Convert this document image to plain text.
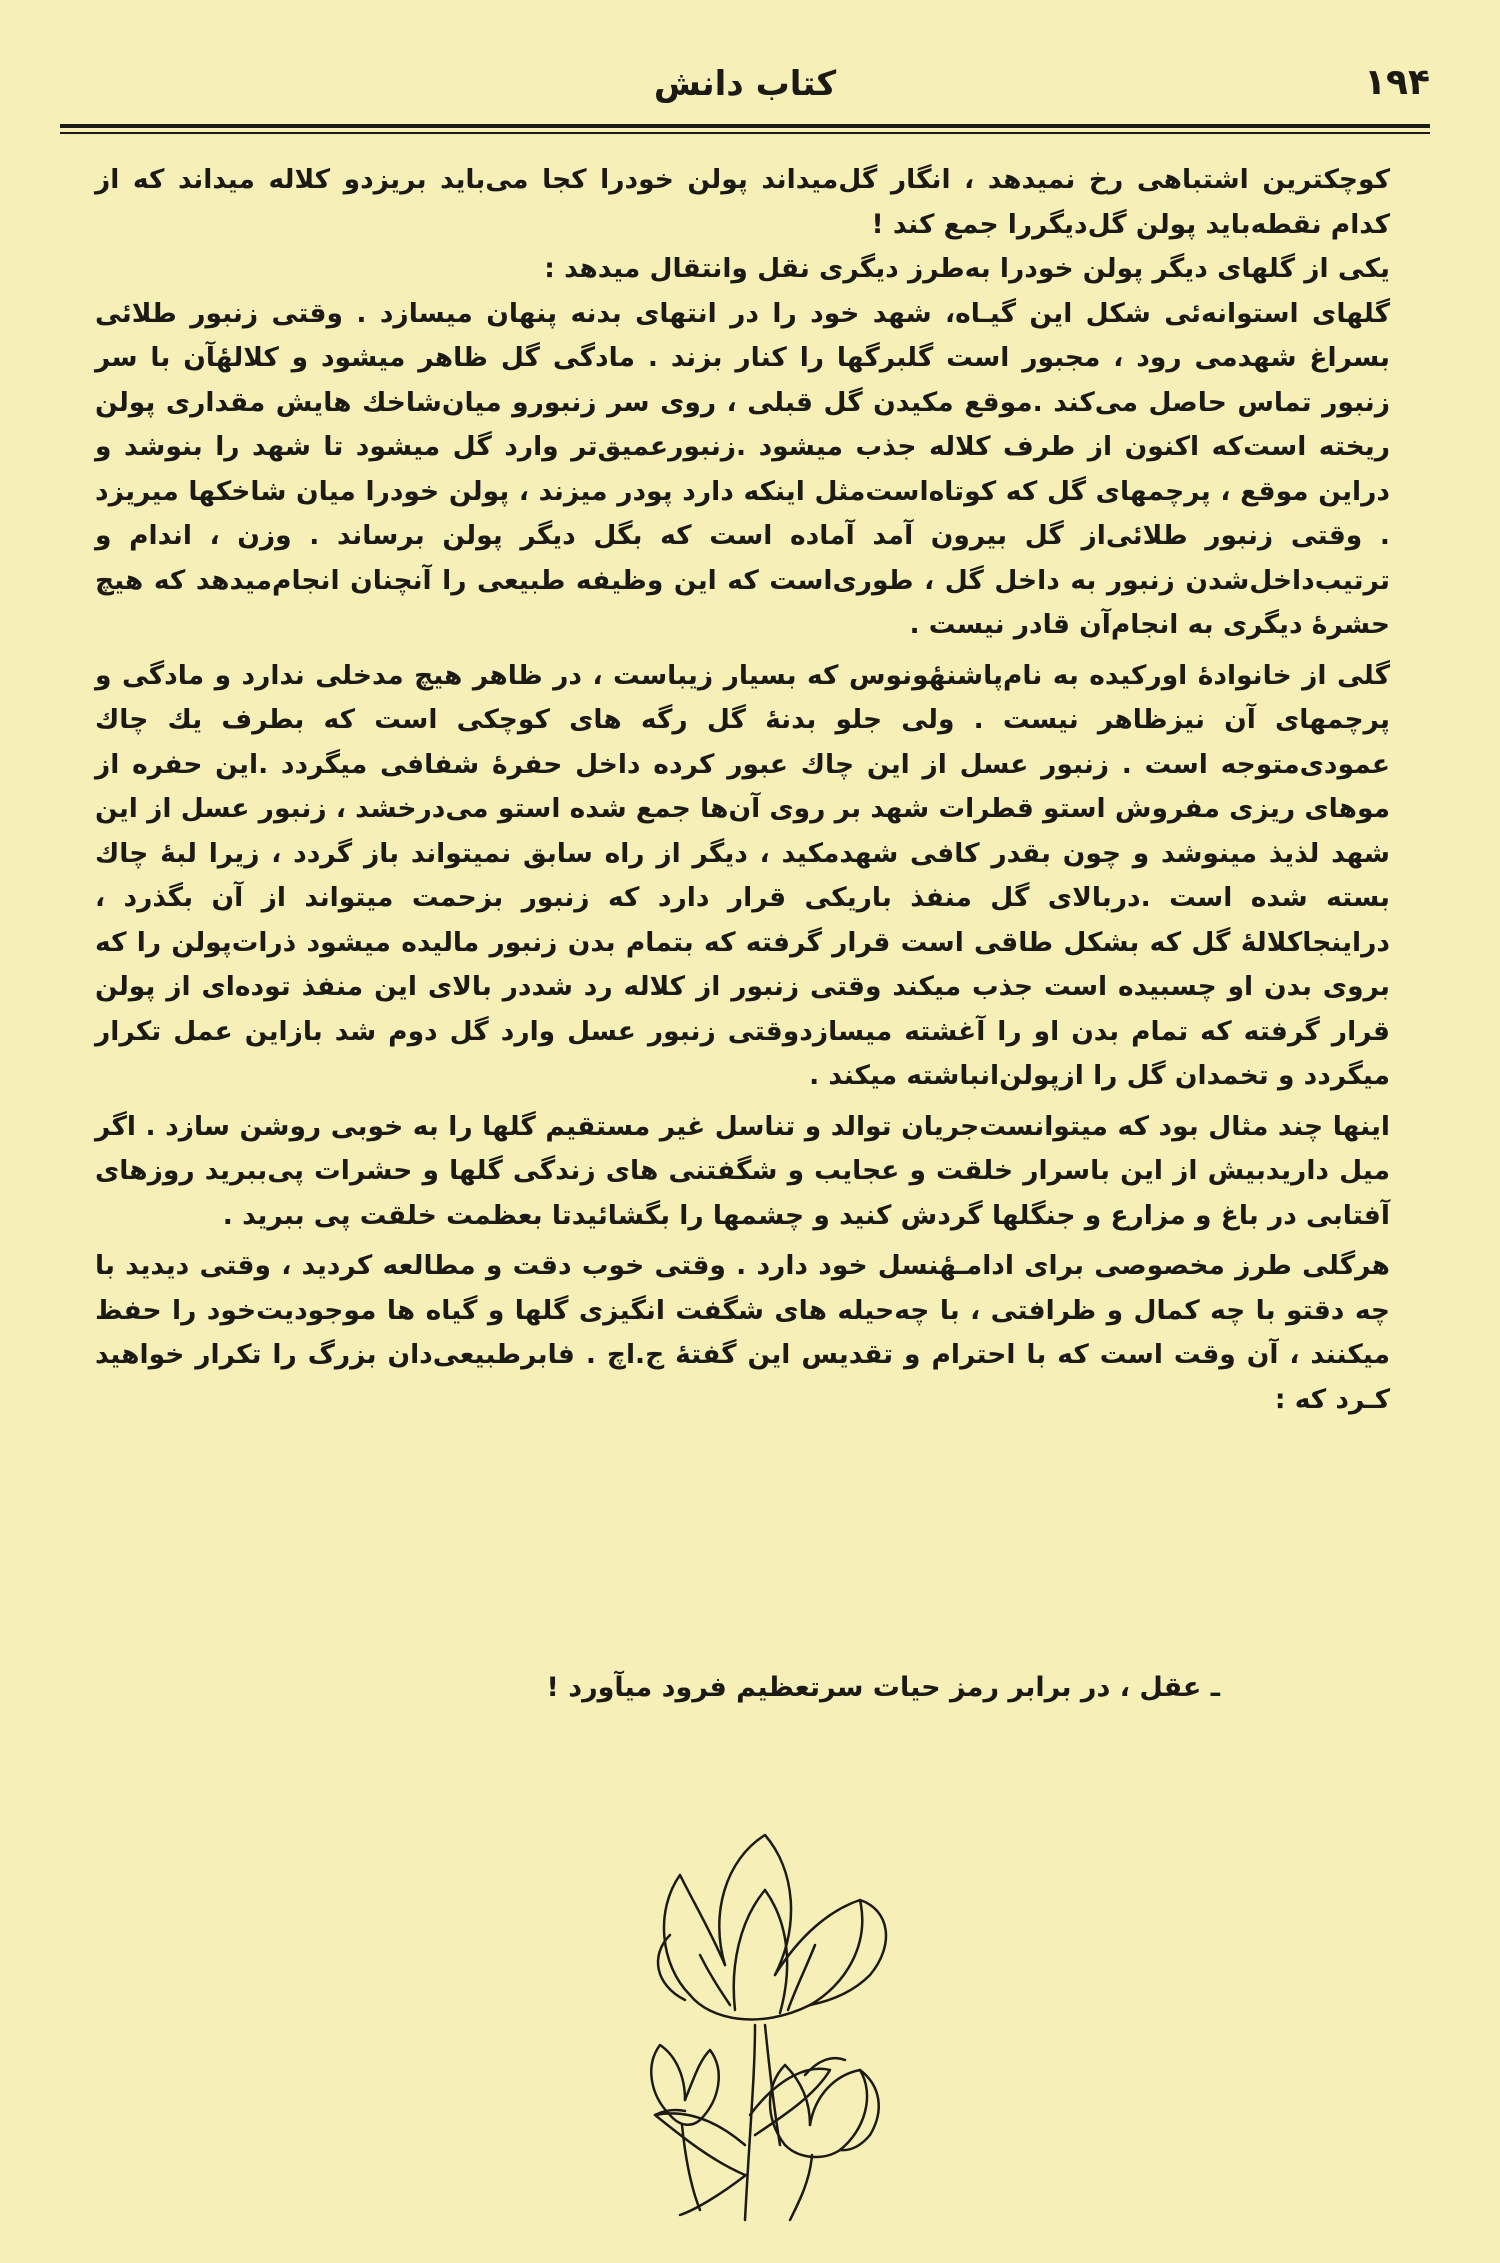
کتاب دانش	۱۹۴

کوچکترین اشتباهی رخ نمیدهد ، انگار گل‌میداند پولن خودرا کجا می‌باید بریزدو کلاله میداند که از کدام نقطه‌باید پولن گل‌دیگررا جمع کند !

یکی از گلهای دیگر پولن خودرا به‌طرز دیگری نقل وانتقال میدهد :

گلهای استوانه‌ئی شکل این گیـاه، شهد خود را در انتهای بدنه پنهان میسازد . وقتی زنبور طلائی بسراغ شهدمی رود ، مجبور است گلبرگها را کنار بزند . مادگی گل ظاهر میشود و کلالهٔآن با سر زنبور تماس حاصل می‌کند .موقع مکیدن گل قبلی ، روی سر زنبورو میان‌شاخك هایش مقداری پولن ریخته است‌که اکنون از طرف کلاله جذب میشود .زنبورعمیق‌تر وارد گل میشود تا شهد را بنوشد و دراین موقع ، پرچمهای گل که کوتاه‌است‌مثل اینکه دارد پودر میزند ، پولن خودرا میان شاخکها میریزد . وقتی زنبور طلائی‌از گل بیرون آمد آماده است که بگل دیگر پولن برساند . وزن ، اندام و ترتیب‌داخل‌شدن زنبور به داخل گل ، طوری‌است که این وظیفه طبیعی را آنچنان انجام‌میدهد که هیچ حشرهٔ دیگری به انجام‌آن قادر نیست .

گلی از خانوادهٔ اورکیده به نام‌پاشنهٔونوس که بسیار زیباست ، در ظاهر هیچ مدخلی ندارد و مادگی و پرچمهای آن نیزظاهر نیست . ولی جلو بدنهٔ گل رگه های کوچکی است که بطرف یك چاك عمودی‌متوجه است . زنبور عسل از این چاك عبور کرده داخل حفرهٔ شفافی میگردد .این حفره از موهای ریزی مفروش استو قطرات شهد بر روی آن‌ها جمع شده استو می‌درخشد ، زنبور عسل از این شهد لذیذ مینوشد و چون بقدر کافی شهدمکید ، دیگر از راه سابق نمیتواند باز گردد ، زیرا لبهٔ چاك بسته شده است .دربالای گل منفذ باریکی قرار دارد که زنبور بزحمت میتواند از آن بگذرد ، دراینجاکلالهٔ گل که بشکل طاقی است قرار گرفته که بتمام بدن زنبور مالیده میشود ذرات‌پولن را که بروی بدن او چسبیده است جذب میکند وقتی زنبور از کلاله رد شددر بالای این منفذ توده‌ای از پولن قرار گرفته که تمام بدن او را آغشته میسازدوقتی زنبور عسل وارد گل دوم شد بازاین عمل تکرار میگردد و تخمدان گل را ازپولن‌انباشته میکند .

اینها چند مثال بود که میتوانست‌جریان توالد و تناسل غیر مستقیم گلها را به خوبی روشن سازد . اگر میل داریدبیش از این باسرار خلقت و عجایب و شگفتنی های زندگی گلها و حشرات پی‌ببرید روزهای آفتابی در باغ و مزارع و جنگلها گردش کنید و چشمها را بگشائیدتا بعظمت خلقت پی ببرید .

هرگلی طرز مخصوصی برای ادامـهٔنسل خود دارد . وقتی خوب دقت و مطالعه کردید ، وقتی دیدید با چه دقتو با چه کمال و ظرافتی ، با چه‌حیله های شگفت انگیزی گلها و گیاه ها موجودیت‌خود را حفظ میکنند ، آن وقت است که با احترام و تقدیس این گفتهٔ ج.اچ . فابرطبیعی‌دان بزرگ را تکرار خواهید کـرد که :

ـ عقل ، در برابر رمز حیات سرتعظیم فرود میآورد !
